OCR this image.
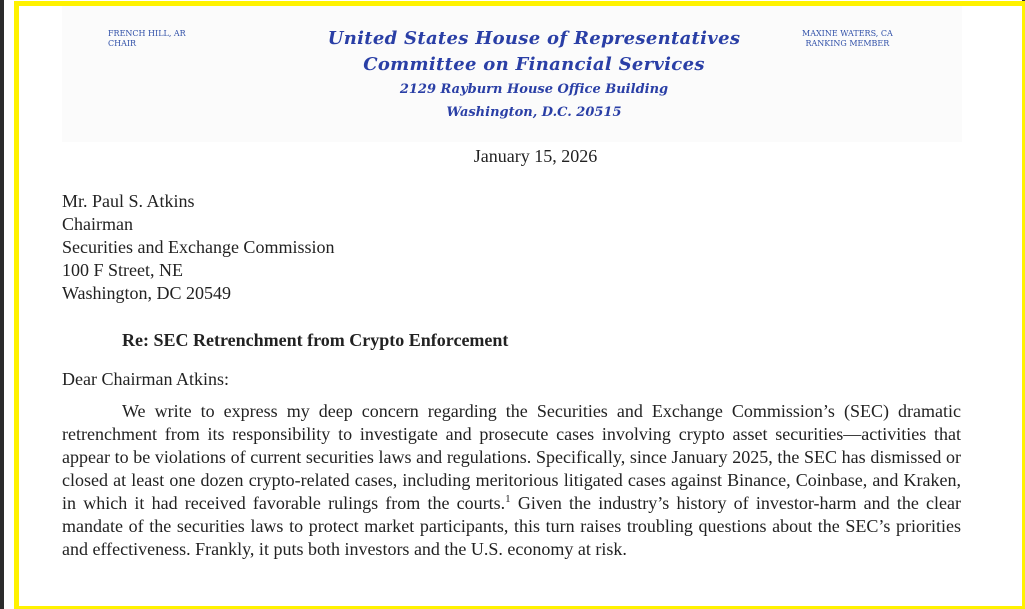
FRENCH HILL, AR
CHAIR	United States House of Representatives
Committee on Financial Services
2129 Rayburn House Office Building
Washington, D.C. 20515
MAXINE WATERS, CA
RANKING MEMBER
January 15, 2026
Mr. Paul S. Atkins
Chairman
Securities and Exchange Commission
100 F Street, NE
Washington, DC 20549
Re: SEC Retrenchment from Crypto Enforcement
Dear Chairman Atkins:

We write to express my deep concern regarding the Securities and Exchange Commission’s (SEC) dramatic retrenchment from its responsibility to investigate and prosecute cases involving crypto asset securities—activities that appear to be violations of current securities laws and regulations. Specifically, since January 2025, the SEC has dismissed or closed at least one dozen crypto-related cases, including meritorious litigated cases against Binance, Coinbase, and Kraken, in which it had received favorable rulings from the courts.$^1$ Given the industry’s history of investor-harm and the clear mandate of the securities laws to protect market participants, this turn raises troubling questions about the SEC’s priorities and effectiveness. Frankly, it puts both investors and the U.S. economy at risk.
